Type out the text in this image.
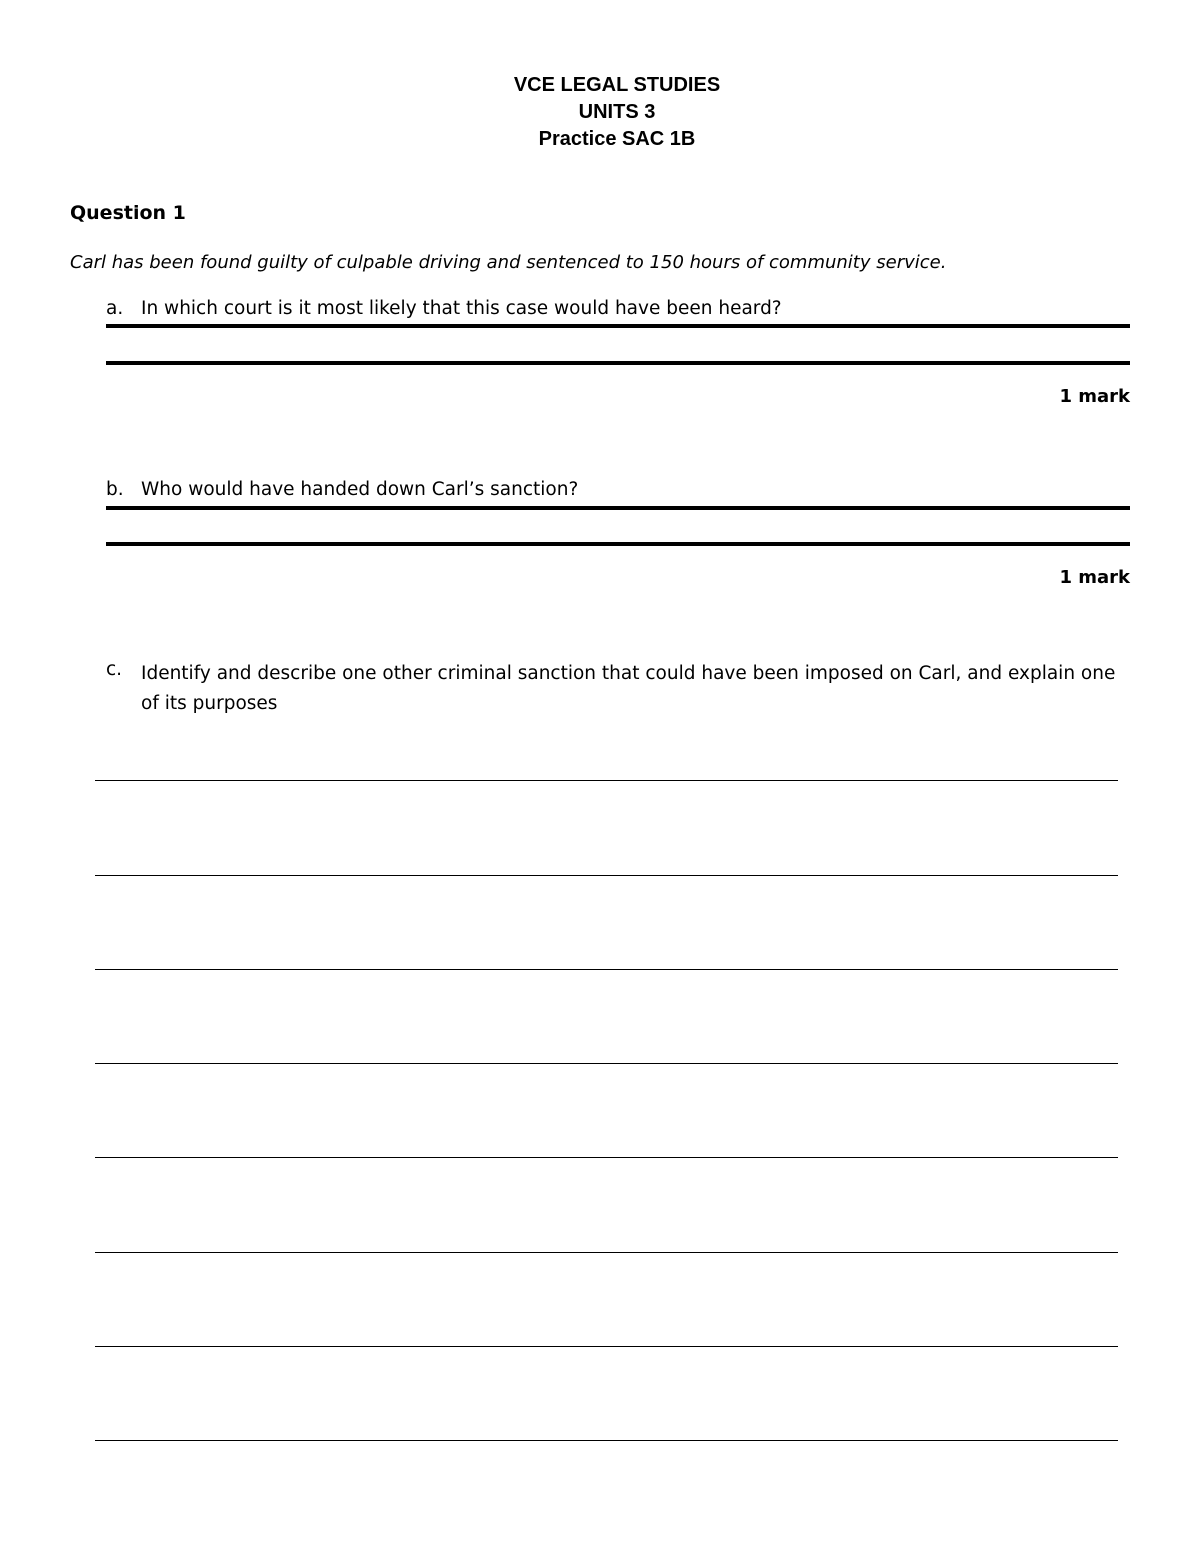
VCE LEGAL STUDIES
UNITS 3
Practice SAC 1B
Question 1
Carl has been found guilty of culpable driving and sentenced to 150 hours of community service.
a. In which court is it most likely that this case would have been heard?
1 mark
b. Who would have handed down Carl’s sanction?
1 mark
c. Identify and describe one other criminal sanction that could have been imposed on Carl, and explain one of its purposes
